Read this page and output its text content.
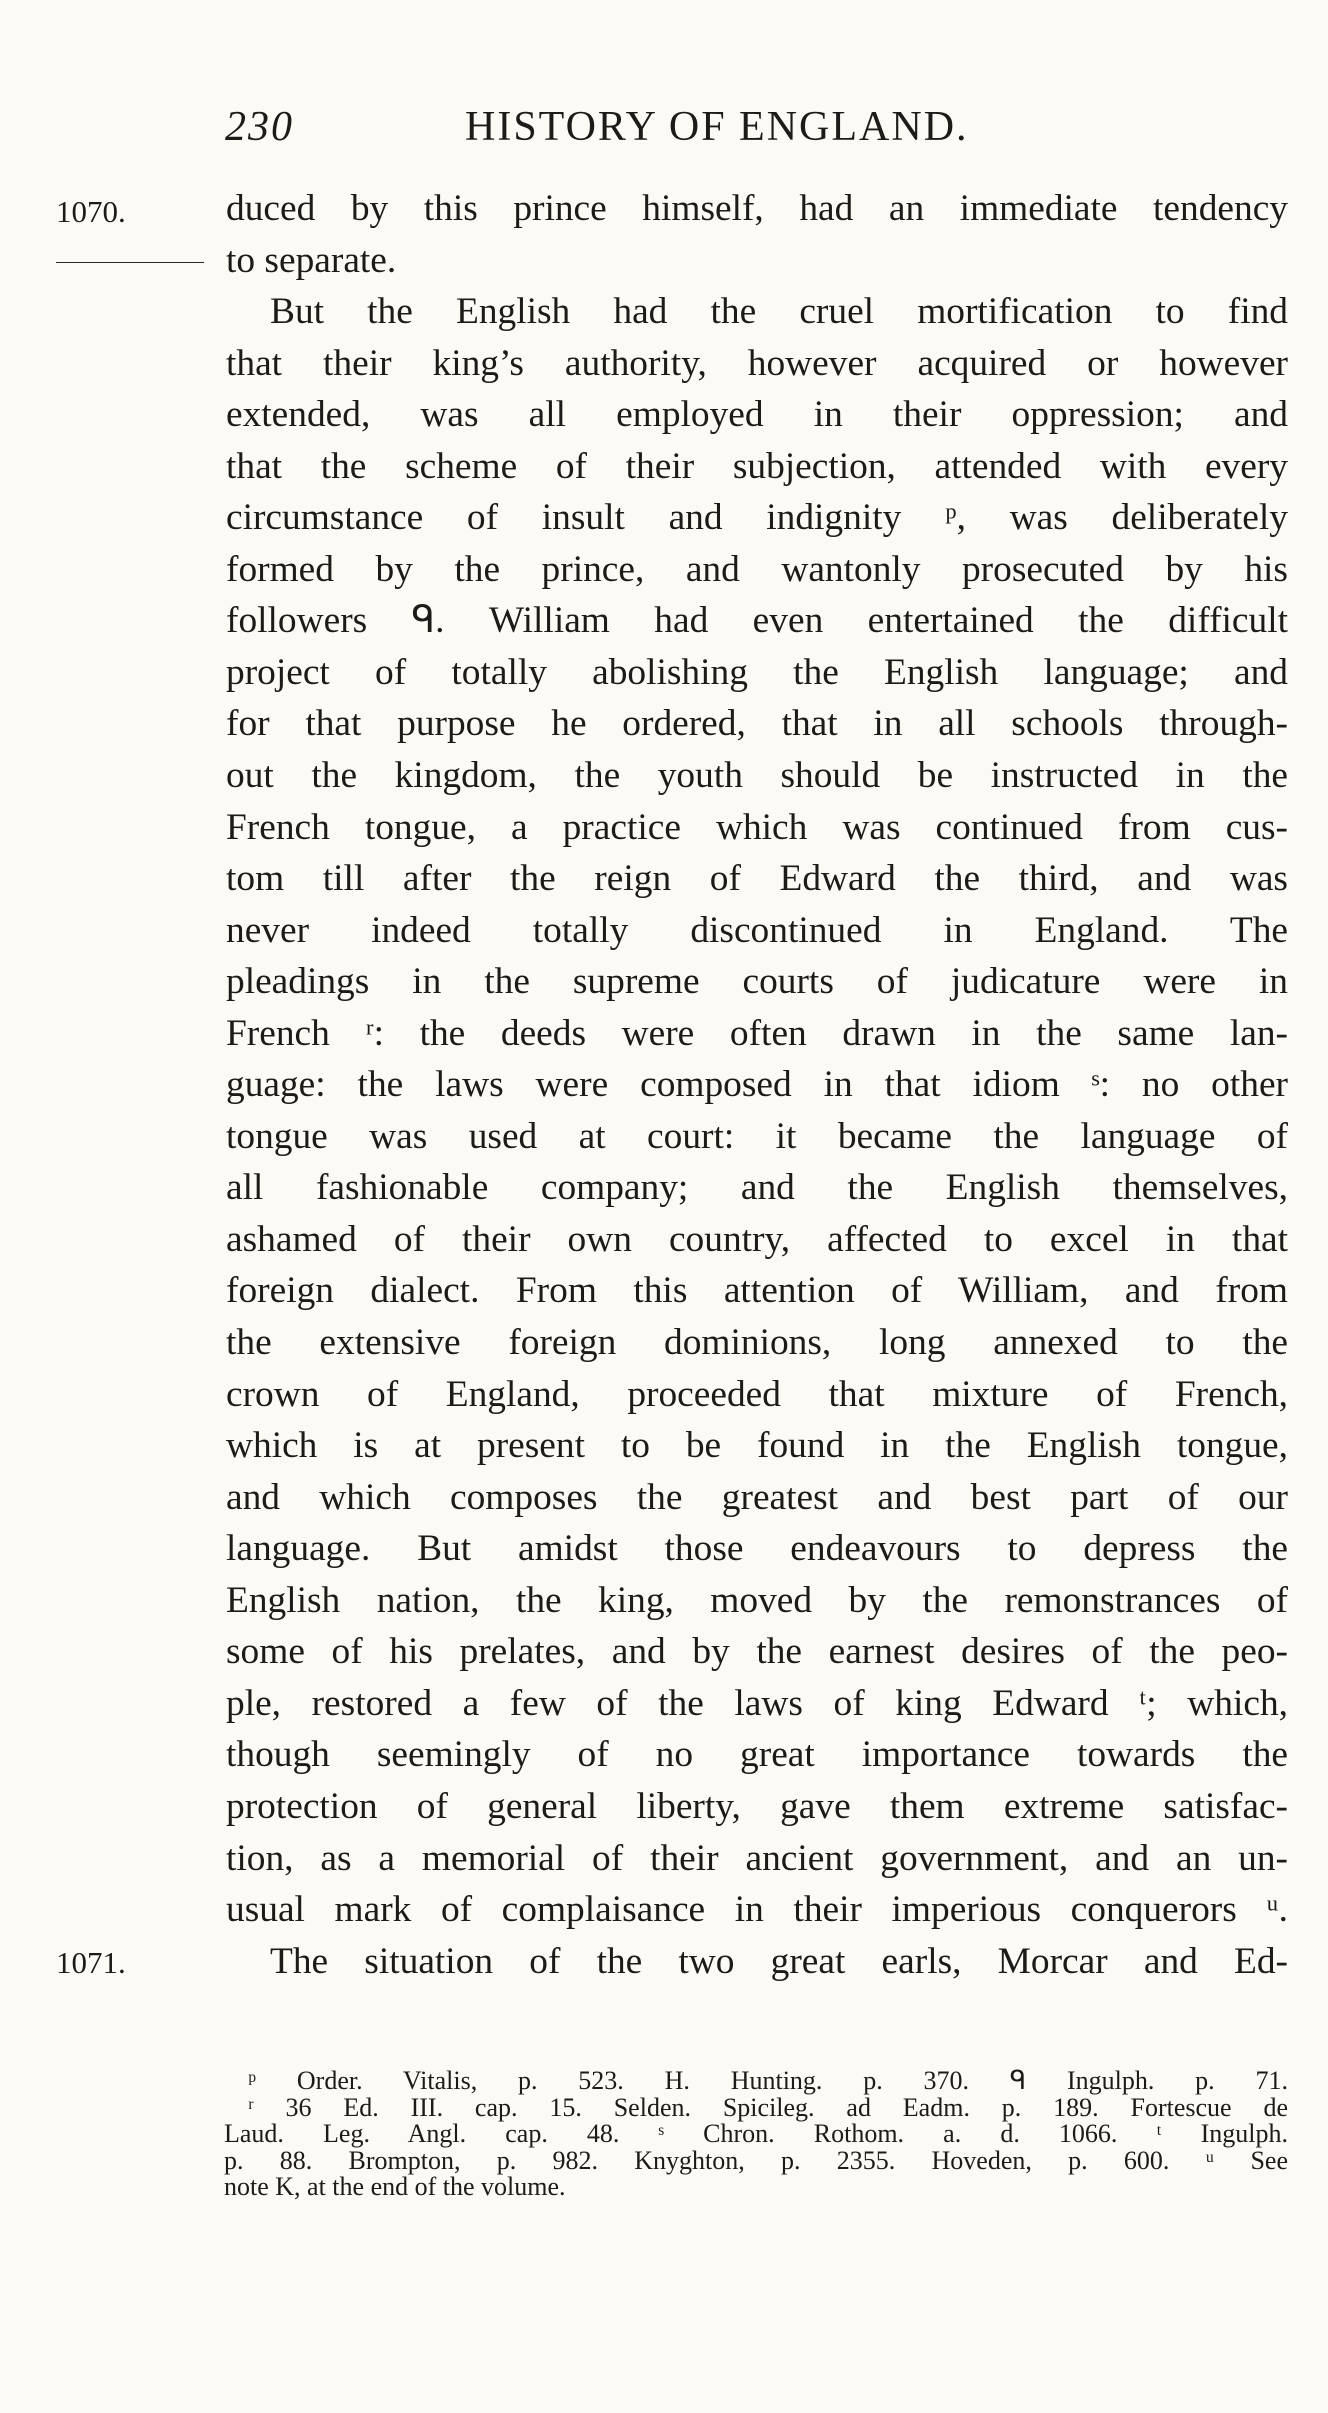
230	HISTORY OF ENGLAND.
1070.
1071.
duced by this prince himself, had an immediate tendency
to separate.
But the English had the cruel mortification to find
that their king’s authority, however acquired or however
extended, was all employed in their oppression; and
that the scheme of their subjection, attended with every
circumstance of insult and indignity ᵖ, was deliberately
formed by the prince, and wantonly prosecuted by his
followers ᑫ. William had even entertained the difficult
project of totally abolishing the English language; and
for that purpose he ordered, that in all schools through-
out the kingdom, the youth should be instructed in the
French tongue, a practice which was continued from cus-
tom till after the reign of Edward the third, and was
never indeed totally discontinued in England. The
pleadings in the supreme courts of judicature were in
French ʳ: the deeds were often drawn in the same lan-
guage: the laws were composed in that idiom ˢ: no other
tongue was used at court: it became the language of
all fashionable company; and the English themselves,
ashamed of their own country, affected to excel in that
foreign dialect. From this attention of William, and from
the extensive foreign dominions, long annexed to the
crown of England, proceeded that mixture of French,
which is at present to be found in the English tongue,
and which composes the greatest and best part of our
language. But amidst those endeavours to depress the
English nation, the king, moved by the remonstrances of
some of his prelates, and by the earnest desires of the peo-
ple, restored a few of the laws of king Edward ᵗ; which,
though seemingly of no great importance towards the
protection of general liberty, gave them extreme satisfac-
tion, as a memorial of their ancient government, and an un-
usual mark of complaisance in their imperious conquerors ᵘ.
The situation of the two great earls, Morcar and Ed-
ᵖ Order. Vitalis, p. 523. H. Hunting. p. 370. ᑫ Ingulph. p. 71.
ʳ 36 Ed. III. cap. 15. Selden. Spicileg. ad Eadm. p. 189. Fortescue de
Laud. Leg. Angl. cap. 48. ˢ Chron. Rothom. a. d. 1066. ᵗ Ingulph.
p. 88. Brompton, p. 982. Knyghton, p. 2355. Hoveden, p. 600. ᵘ See
note K, at the end of the volume.
